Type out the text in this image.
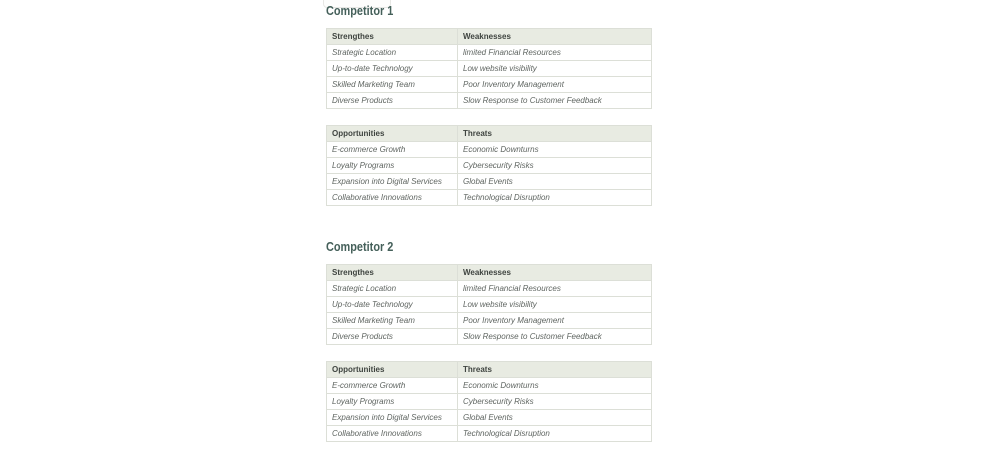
Competitor 1
Strengthes	Weaknesses
Strategic Location	limited Financial Resources
Up-to-date Technology	Low website visibility
Skilled Marketing Team	Poor Inventory Management
Diverse Products	Slow Response to Customer Feedback
Opportunities	Threats
E-commerce Growth	Economic Downturns
Loyalty Programs	Cybersecurity Risks
Expansion into Digital Services	Global Events
Collaborative Innovations	Technological Disruption
Competitor 2
Strengthes	Weaknesses
Strategic Location	limited Financial Resources
Up-to-date Technology	Low website visibility
Skilled Marketing Team	Poor Inventory Management
Diverse Products	Slow Response to Customer Feedback
Opportunities	Threats
E-commerce Growth	Economic Downturns
Loyalty Programs	Cybersecurity Risks
Expansion into Digital Services	Global Events
Collaborative Innovations	Technological Disruption
